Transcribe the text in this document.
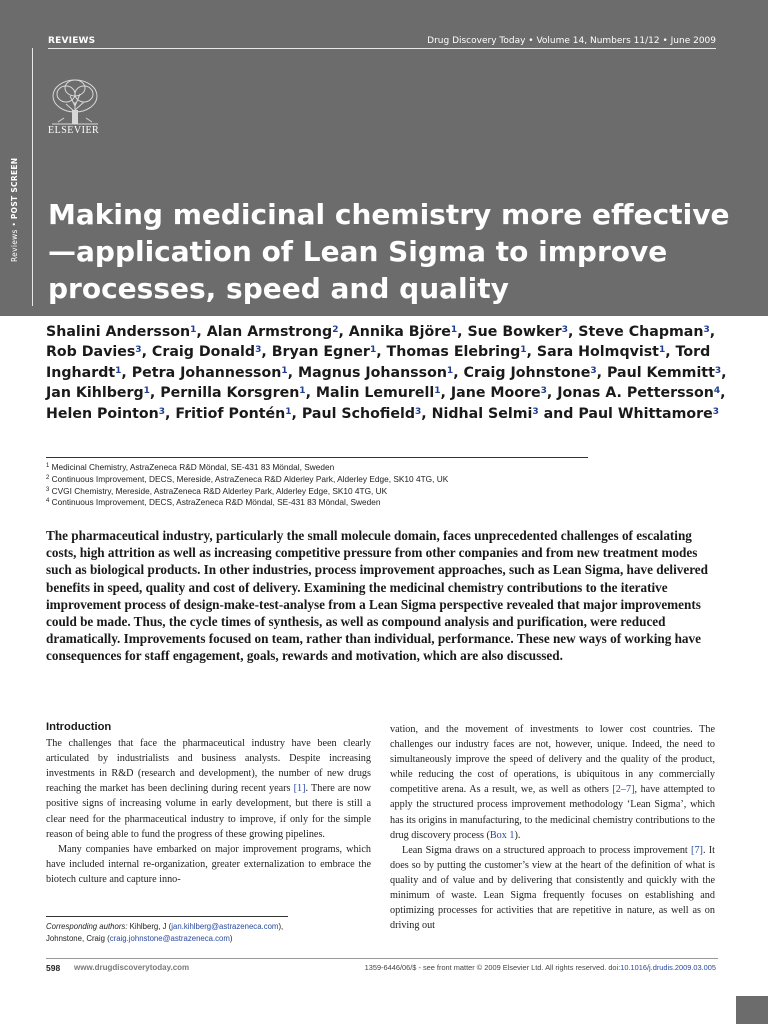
REVIEWS	Drug Discovery Today • Volume 14, Numbers 11/12 • June 2009
Reviews • POST SCREEN
ELSEVIER
Making medicinal chemistry more effective—application of Lean Sigma to improve processes, speed and quality
Shalini Andersson$^1$, Alan Armstrong$^2$, Annika Björe$^1$, Sue Bowker$^3$, Steve Chapman$^3$, Rob Davies$^3$, Craig Donald$^3$, Bryan Egner$^1$, Thomas Elebring$^1$, Sara Holmqvist$^1$, Tord Inghardt$^1$, Petra Johannesson$^1$, Magnus Johansson$^1$, Craig Johnstone$^3$, Paul Kemmitt$^3$, Jan Kihlberg$^1$, Pernilla Korsgren$^1$, Malin Lemurell$^1$, Jane Moore$^3$, Jonas A. Pettersson$^4$, Helen Pointon$^3$, Fritiof Pontén$^1$, Paul Schofield$^3$, Nidhal Selmi$^3$ and Paul Whittamore$^3$
$^1$ Medicinal Chemistry, AstraZeneca R&D Möndal, SE-431 83 Möndal, Sweden
$^2$ Continuous Improvement, DECS, Mereside, AstraZeneca R&D Alderley Park, Alderley Edge, SK10 4TG, UK
$^3$ CVGI Chemistry, Mereside, AstraZeneca R&D Alderley Park, Alderley Edge, SK10 4TG, UK
$^4$ Continuous Improvement, DECS, AstraZeneca R&D Möndal, SE-431 83 Möndal, Sweden

The pharmaceutical industry, particularly the small molecule domain, faces unprecedented challenges of escalating costs, high attrition as well as increasing competitive pressure from other companies and from new treatment modes such as biological products. In other industries, process improvement approaches, such as Lean Sigma, have delivered benefits in speed, quality and cost of delivery. Examining the medicinal chemistry contributions to the iterative improvement process of design-make-test-analyse from a Lean Sigma perspective revealed that major improvements could be made. Thus, the cycle times of synthesis, as well as compound analysis and purification, were reduced dramatically. Improvements focused on team, rather than individual, performance. These new ways of working have consequences for staff engagement, goals, rewards and motivation, which are also discussed.

Introduction

The challenges that face the pharmaceutical industry have been clearly articulated by industrialists and business analysts. Despite increasing investments in R&D (research and development), the number of new drugs reaching the market has been declining during recent years [1]. There are now positive signs of increasing volume in early development, but there is still a clear need for the pharmaceutical industry to improve, if only for the simple reason of being able to fund the progress of these growing pipelines.

Many companies have embarked on major improvement programs, which have included internal re-organization, greater externalization to embrace the biotech culture and capture inno-

vation, and the movement of investments to lower cost countries. The challenges our industry faces are not, however, unique. Indeed, the need to simultaneously improve the speed of delivery and the quality of the product, while reducing the cost of operations, is ubiquitous in any commercially competitive arena. As a result, we, as well as others [2–7], have attempted to apply the structured process improvement methodology ‘Lean Sigma’, which has its origins in manufacturing, to the medicinal chemistry contributions to the drug discovery process (Box 1).

Lean Sigma draws on a structured approach to process improvement [7]. It does so by putting the customer’s view at the heart of the definition of what is quality and of value and by delivering that consistently and quickly with the minimum of waste. Lean Sigma frequently focuses on establishing and optimizing processes for activities that are repetitive in nature, as well as on driving out

Corresponding authors: Kihlberg, J (jan.kihlberg@astrazeneca.com),
Johnstone, Craig (craig.johnstone@astrazeneca.com)
598 www.drugdiscoverytoday.com	1359-6446/06/$ - see front matter © 2009 Elsevier Ltd. All rights reserved. doi:10.1016/j.drudis.2009.03.005
